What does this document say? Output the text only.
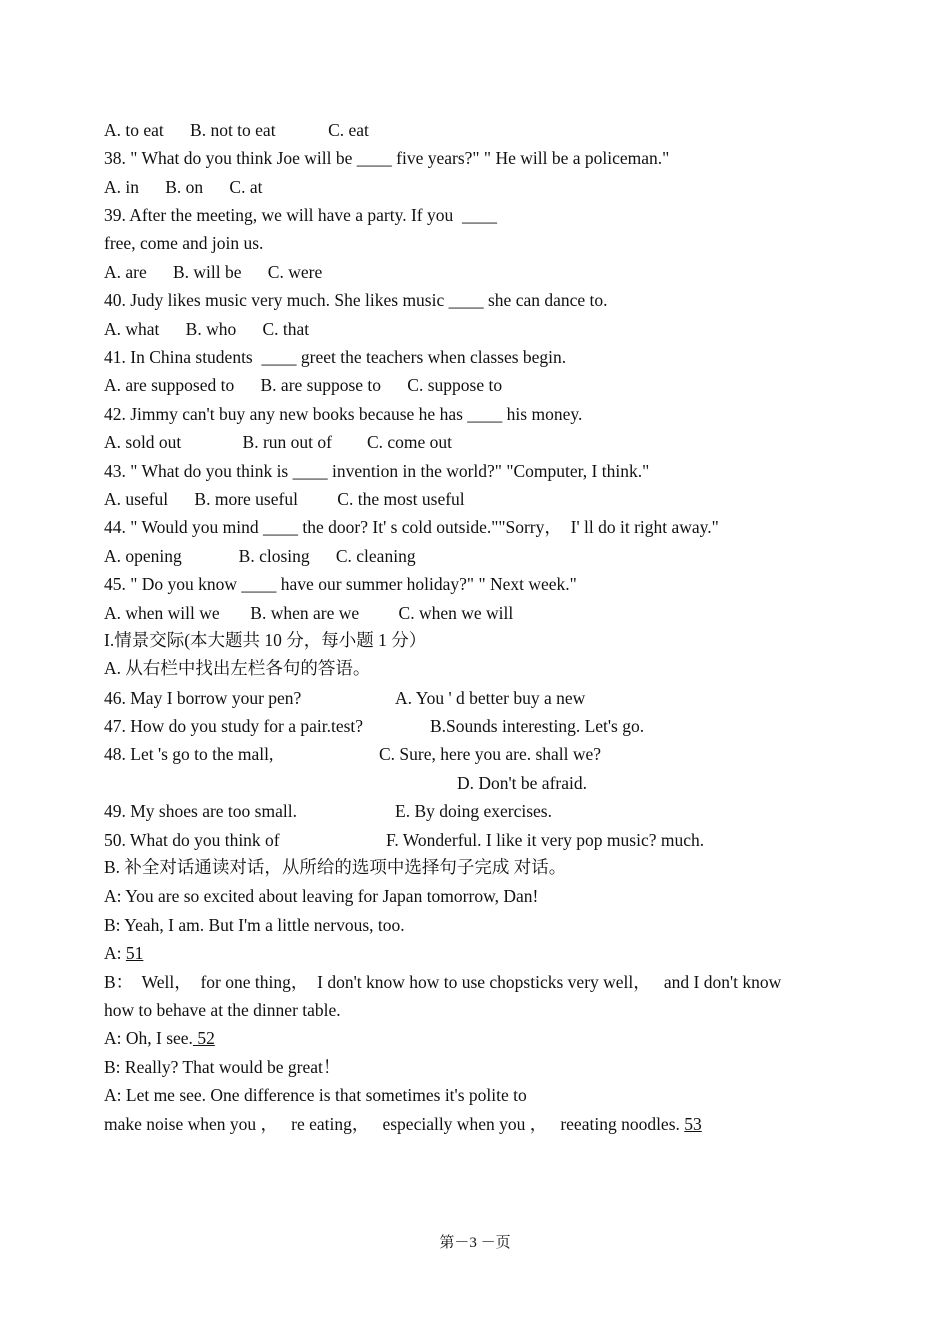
A. to eat      B. not to eat            C. eat
38. " What do you think Joe will be ____ five years?" " He will be a policeman."
A. in      B. on      C. at
39. After the meeting, we will have a party. If you  ____
free, come and join us.
A. are      B. will be      C. were
40. Judy likes music very much. She likes music ____ she can dance to.
A. what      B. who      C. that
41. In China students  ____ greet the teachers when classes begin.
A. are supposed to      B. are suppose to      C. suppose to
42. Jimmy can't buy any new books because he has ____ his money.
A. sold out              B. run out of        C. come out
43. " What do you think is ____ invention in the world?" "Computer, I think."
A. useful      B. more useful         C. the most useful
44. " Would you mind ____ the door? It' s cold outside.""Sorry，  I' ll do it right away."
A. opening             B. closing      C. cleaning
45. " Do you know ____ have our summer holiday?" " Next week."
A. when will we       B. when are we         C. when we will
I.情景交际(本大题共 10 分，每小题 1 分）
A. 从右栏中找出左栏各句的答语。
46. May I borrow your pen?	A. You ' d better buy a new
47. How do you study for a pair.test?	B.Sounds interesting. Let's go.
48. Let 's go to the mall,	C. Sure, here you are. shall we?
D. Don't be afraid.
49. My shoes are too small.	E. By doing exercises.
50. What do you think of	F. Wonderful. I like it very pop music? much.
B. 补全对话通读对话，从所给的选项中选择句子完成 对话。
A: You are so excited about leaving for Japan tomorrow, Dan!
B: Yeah, I am. But I'm a little nervous, too.
A: 51
B：  Well，  for one thing，  I don't know how to use chopsticks very well，   and I don't know
how to behave at the dinner table.
A: Oh, I see. 52
B: Really? That would be great！
A: Let me see. One difference is that sometimes it's polite to
make noise when you ，   re eating，   especially when you ，   reeating noodles. 53
第－3 －页
